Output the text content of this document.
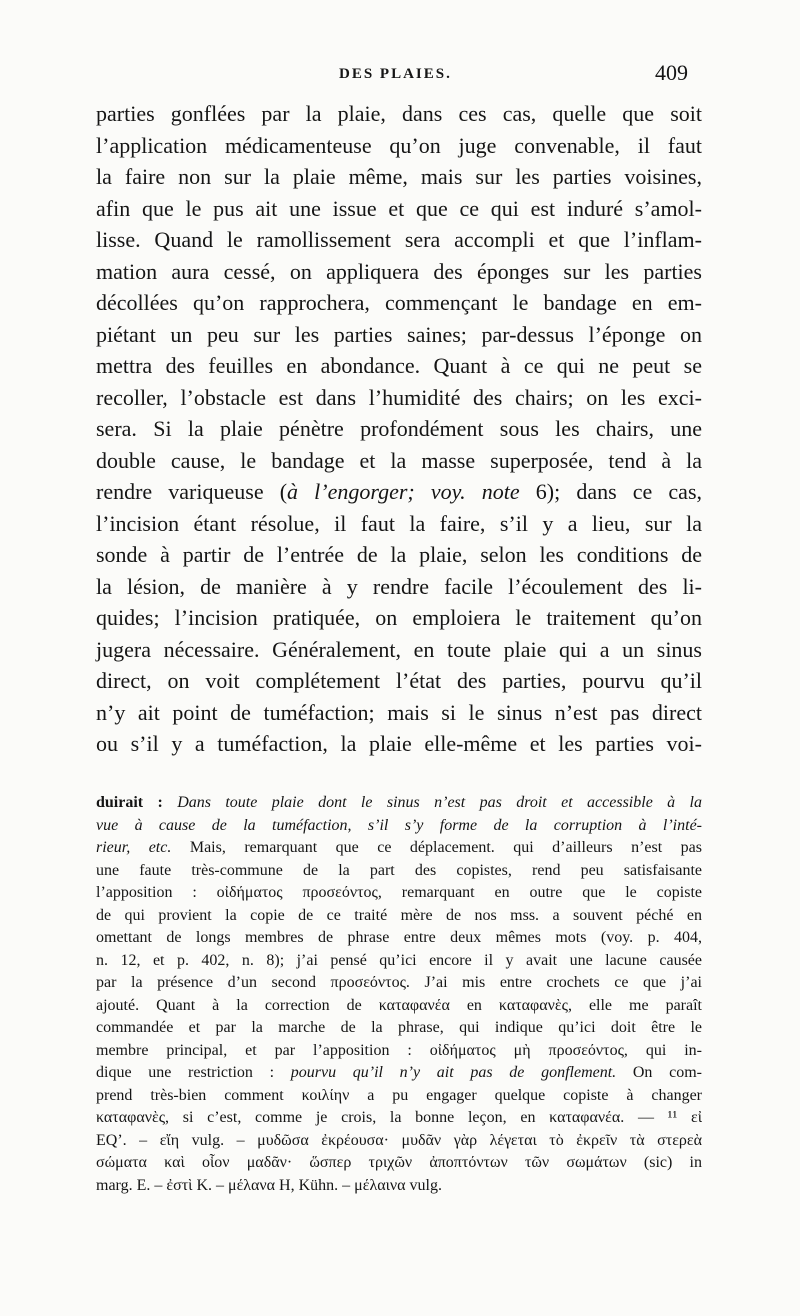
DES PLAIES.	409
parties gonflées par la plaie, dans ces cas, quelle que soit
l’application médicamenteuse qu’on juge convenable, il faut
la faire non sur la plaie même, mais sur les parties voisines,
afin que le pus ait une issue et que ce qui est induré s’amol-
lisse. Quand le ramollissement sera accompli et que l’inflam-
mation aura cessé, on appliquera des éponges sur les parties
décollées qu’on rapprochera, commençant le bandage en em-
piétant un peu sur les parties saines; par-dessus l’éponge on
mettra des feuilles en abondance. Quant à ce qui ne peut se
recoller, l’obstacle est dans l’humidité des chairs; on les exci-
sera. Si la plaie pénètre profondément sous les chairs, une
double cause, le bandage et la masse superposée, tend à la
rendre variqueuse (à l’engorger; voy. note 6); dans ce cas,
l’incision étant résolue, il faut la faire, s’il y a lieu, sur la
sonde à partir de l’entrée de la plaie, selon les conditions de
la lésion, de manière à y rendre facile l’écoulement des li-
quides; l’incision pratiquée, on emploiera le traitement qu’on
jugera nécessaire. Généralement, en toute plaie qui a un sinus
direct, on voit complétement l’état des parties, pourvu qu’il
n’y ait point de tuméfaction; mais si le sinus n’est pas direct
ou s’il y a tuméfaction, la plaie elle-même et les parties voi-
duirait : Dans toute plaie dont le sinus n’est pas droit et accessible à la
vue à cause de la tuméfaction, s’il s’y forme de la corruption à l’inté-
rieur, etc. Mais, remarquant que ce déplacement. qui d’ailleurs n’est pas
une faute très-commune de la part des copistes, rend peu satisfaisante
l’apposition : οἰδήματος προσεόντος, remarquant en outre que le copiste
de qui provient la copie de ce traité mère de nos mss. a souvent péché en
omettant de longs membres de phrase entre deux mêmes mots (voy. p. 404,
n. 12, et p. 402, n. 8); j’ai pensé qu’ici encore il y avait une lacune causée
par la présence d’un second προσεόντος. J’ai mis entre crochets ce que j’ai
ajouté. Quant à la correction de καταφανέα en καταφανὲς, elle me paraît
commandée et par la marche de la phrase, qui indique qu’ici doit être le
membre principal, et par l’apposition : οἰδήματος μὴ προσεόντος, qui in-
dique une restriction : pourvu qu’il n’y ait pas de gonflement. On com-
prend très-bien comment κοιλίην a pu engager quelque copiste à changer
καταφανὲς, si c’est, comme je crois, la bonne leçon, en καταφανέα. — ¹¹ εἰ
EQ’. – εἴη vulg. – μυδῶσα ἐκρέουσα· μυδᾶν γὰρ λέγεται τὸ ἐκρεῖν τὰ στερεὰ
σώματα καὶ οἷον μαδᾶν· ὥσπερ τριχῶν ἀποπτόντων τῶν σωμάτων (sic) in
marg. E. – ἐστὶ K. – μέλανα H, Kühn. – μέλαινα vulg.
